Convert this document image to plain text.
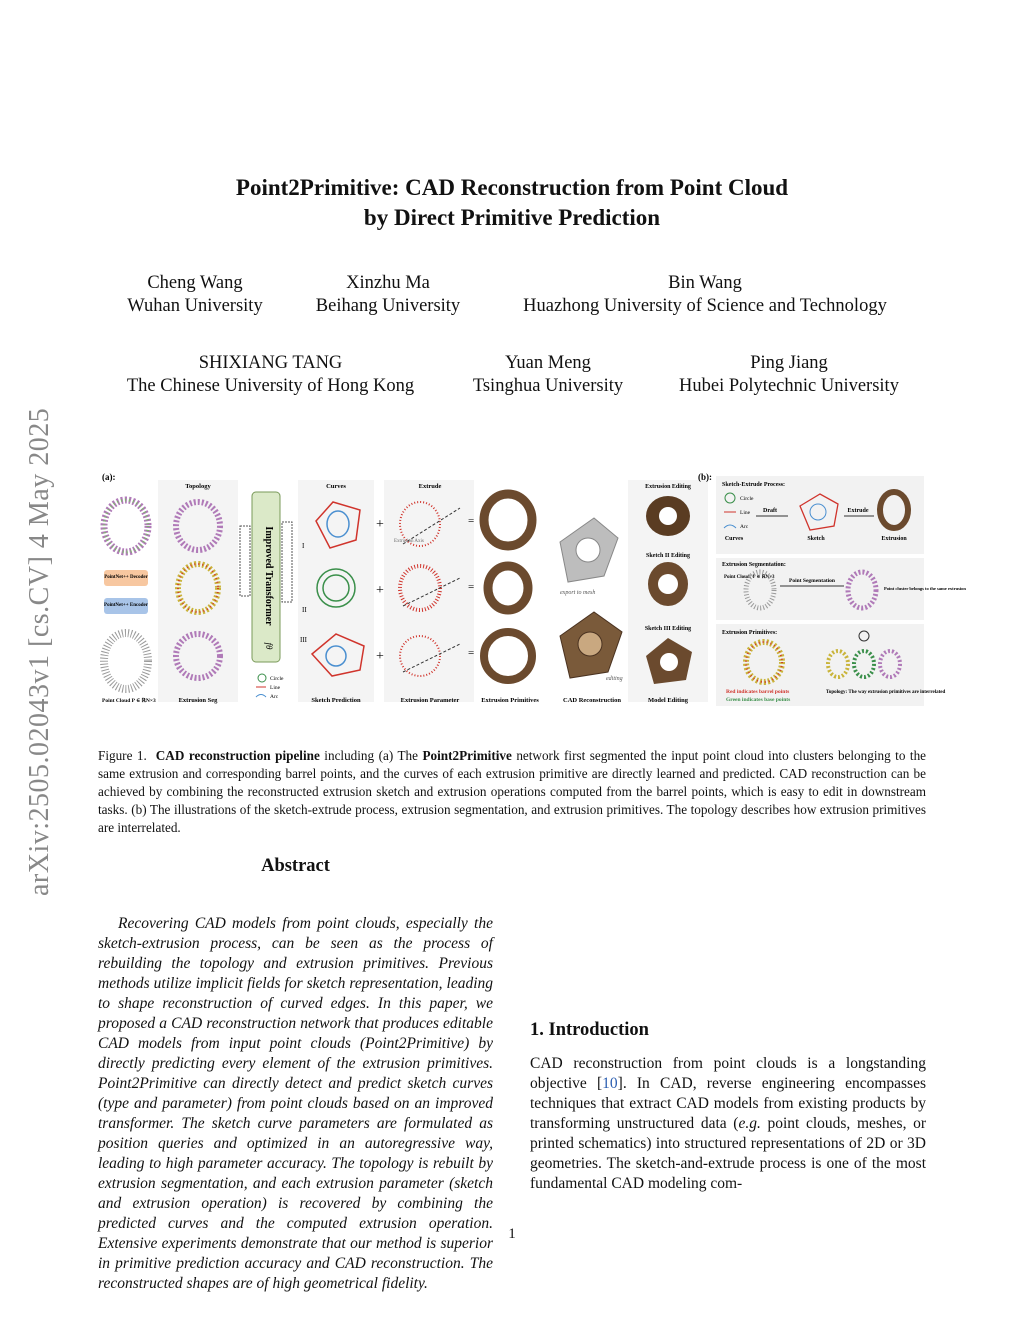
arXiv:2505.02043v1 [cs.CV] 4 May 2025
Point2Primitive: CAD Reconstruction from Point Cloud
by Direct Primitive Prediction
Cheng Wang
Wuhan University
Xinzhu Ma
Beihang University
Bin Wang
Huazhong University of Science and Technology
SHIXIANG TANG
The Chinese University of Hong Kong
Yuan Meng
Tsinghua University
Ping Jiang
Hubei Polytechnic University
(a):	(b):
PointNet++ Decoder
PointNet++ Encoder
Point Cloud P ∈ ℝN×3
Topology
Extrusion Seg
Improved Transformer
fθ
Circle
Line
Arc
Curves
I
II
III
Sketch Prediction
+
+
+
Extrude
Extrusion Axis
=
=
=
Extrusion Parameter	Extrusion Primitives
export to mesh
CAD Reconstruction
editing
Extrusion Editing
Sketch II Editing
Sketch III Editing
Model Editing
Sketch-Extrude Process:
Circle
Line
Arc
Curves
Draft
Sketch
Extrude
Extrusion
Extrusion Segmentation:
Point Cloud: P ∈ ℝN×3
Point Segmentation
Point cluster belongs to the same extrusion
Extrusion Primitives:
Red indicates barrel points
Green indicates base points
Topology: The way extrusion primitives are interrelated
Figure 1. CAD reconstruction pipeline including (a) The Point2Primitive network first segmented the input point cloud into clusters belonging to the same extrusion and corresponding barrel points, and the curves of each extrusion primitive are directly learned and predicted. CAD reconstruction can be achieved by combining the reconstructed extrusion sketch and extrusion operations computed from the barrel points, which is easy to edit in downstream tasks. (b) The illustrations of the sketch-extrude process, extrusion segmentation, and extrusion primitives. The topology describes how extrusion primitives are interrelated.
Abstract
Recovering CAD models from point clouds, especially the sketch-extrusion process, can be seen as the process of rebuilding the topology and extrusion primitives. Previous methods utilize implicit fields for sketch representation, leading to shape reconstruction of curved edges. In this paper, we proposed a CAD reconstruction network that produces editable CAD models from input point clouds (Point2Primitive) by directly predicting every element of the extrusion primitives. Point2Primitive can directly detect and predict sketch curves (type and parameter) from point clouds based on an improved transformer. The sketch curve parameters are formulated as position queries and optimized in an autoregressive way, leading to high parameter accuracy. The topology is rebuilt by extrusion segmentation, and each extrusion parameter (sketch and extrusion operation) is recovered by combining the predicted curves and the computed extrusion operation. Extensive experiments demonstrate that our method is superior in primitive prediction accuracy and CAD reconstruction. The reconstructed shapes are of high geometrical fidelity.
1. Introduction
CAD reconstruction from point clouds is a longstanding objective [10]. In CAD, reverse engineering encompasses techniques that extract CAD models from existing products by transforming unstructured data (e.g. point clouds, meshes, or printed schematics) into structured representations of 2D or 3D geometries. The sketch-and-extrude process is one of the most fundamental CAD modeling com-
1
